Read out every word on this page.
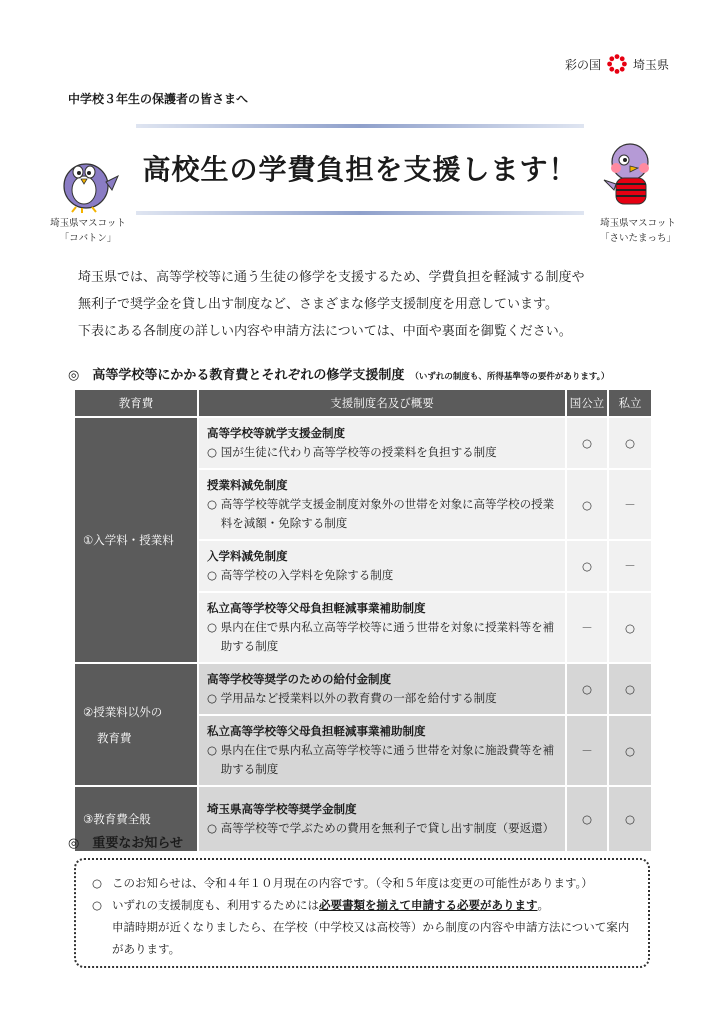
彩の国	埼玉県
中学校３年生の保護者の皆さまへ
高校生の学費負担を支援します！
埼玉県マスコット
「コバトン」
埼玉県マスコット
「さいたまっち」
埼玉県では、高等学校等に通う生徒の修学を支援するため、学費負担を軽減する制度や
無利子で奨学金を貸し出す制度など、さまざまな修学支援制度を用意しています。
下表にある各制度の詳しい内容や申請方法については、中面や裏面を御覧ください。
◎　高等学校等にかかる教育費とそれぞれの修学支援制度 （いずれの制度も、所得基準等の要件があります。）
教育費	支援制度名及び概要	国公立	私立
①入学料・授業料	高等学校等就学支援金制度
○ 国が生徒に代わり高等学校等の授業料を負担する制度	○	○

	授業料減免制度
○ 高等学校等就学支援金制度対象外の世帯を対象に高等学校の授業料を減額・免除する制度	○	－

	入学料減免制度
○ 高等学校の入学料を免除する制度	○	－

	私立高等学校等父母負担軽減事業補助制度
○ 県内在住で県内私立高等学校等に通う世帯を対象に授業料等を補助する制度	－	○
②授業料以外の
教育費	高等学校等奨学のための給付金制度
○ 学用品など授業料以外の教育費の一部を給付する制度	○	○

	私立高等学校等父母負担軽減事業補助制度
○ 県内在住で県内私立高等学校等に通う世帯を対象に施設費等を補助する制度	－	○
③教育費全般	埼玉県高等学校等奨学金制度
○ 高等学校等で学ぶための費用を無利子で貸し出す制度（要返還）	○	○
◎　重要なお知らせ
○ このお知らせは、令和４年１０月現在の内容です。（令和５年度は変更の可能性があります。）
○ いずれの支援制度も、利用するためには必要書類を揃えて申請する必要があります。
申請時期が近くなりましたら、在学校（中学校又は高校等）から制度の内容や申請方法について案内があります。
